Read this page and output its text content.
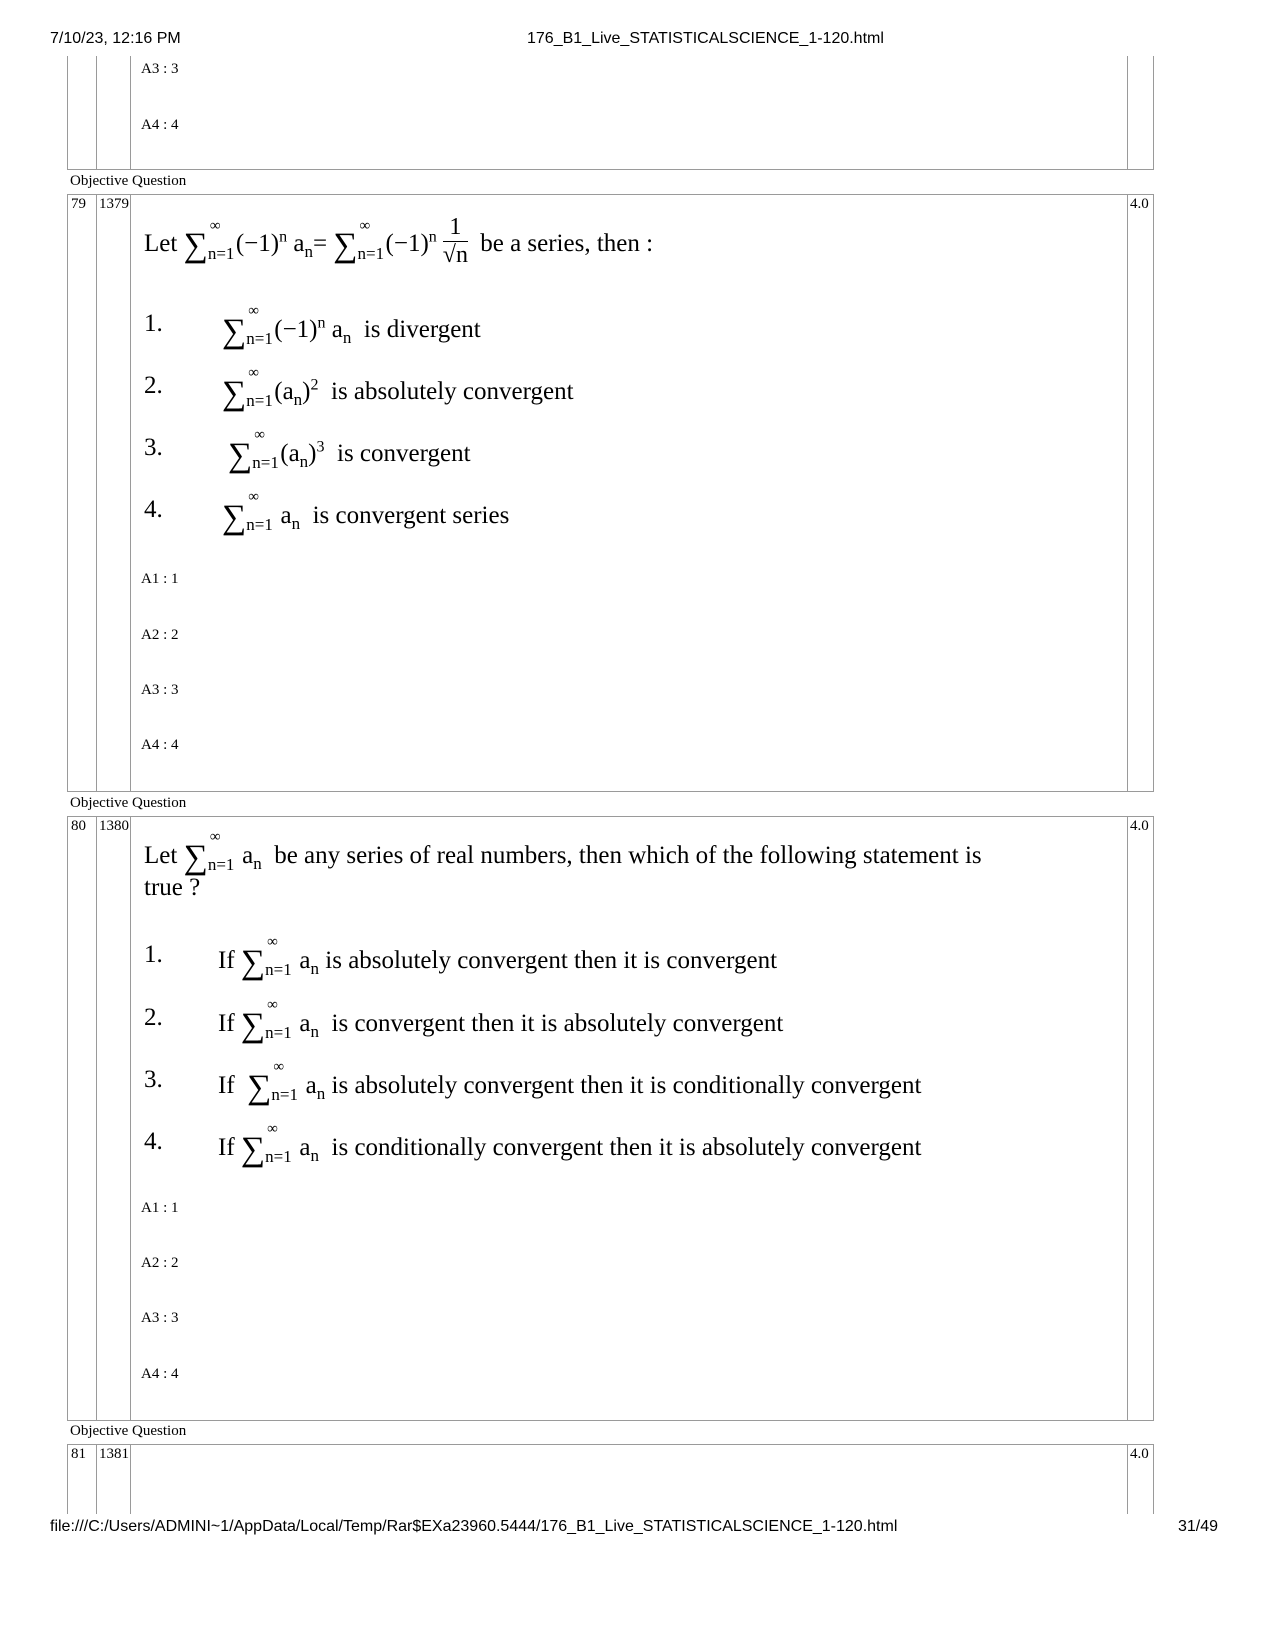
7/10/23, 12:16 PM	176_B1_Live_STATISTICALSCIENCE_1-120.html
A3 : 3
A4 : 4
Objective Question
79 1379	4.0
Let ∑
∞
n=1 $(-1)^n$ $a_n=$ ∑
∞
n=1 $(-1)^n \frac{1}{√n}$ be a series, then :
1. ∑
∞
n=1 $(-1)^n$ $a_n$ is divergent
2. ∑
∞
n=1 $(a_n)^2$ is absolutely convergent
3. ∑
∞
n=1 $(a_n)^3$ is convergent
4. ∑
∞
n=1 $a_n$ is convergent series
A1 : 1
A2 : 2
A3 : 3
A4 : 4
Objective Question
80 1380	4.0
Let ∑
∞
n=1 $a_n$ be any series of real numbers, then which of the following statement is
true ?
1. If ∑
∞
n=1 $a_n$ is absolutely convergent then it is convergent
2. If ∑
∞
n=1 $a_n$ is convergent then it is absolutely convergent
3. If ∑
∞
n=1 $a_n$ is absolutely convergent then it is conditionally convergent
4. If ∑
∞
n=1 $a_n$ is conditionally convergent then it is absolutely convergent
A1 : 1
A2 : 2
A3 : 3
A4 : 4
Objective Question
81 1381	4.0
file:///C:/Users/ADMINI~1/AppData/Local/Temp/Rar$EXa23960.5444/176_B1_Live_STATISTICALSCIENCE_1-120.html	31/49
